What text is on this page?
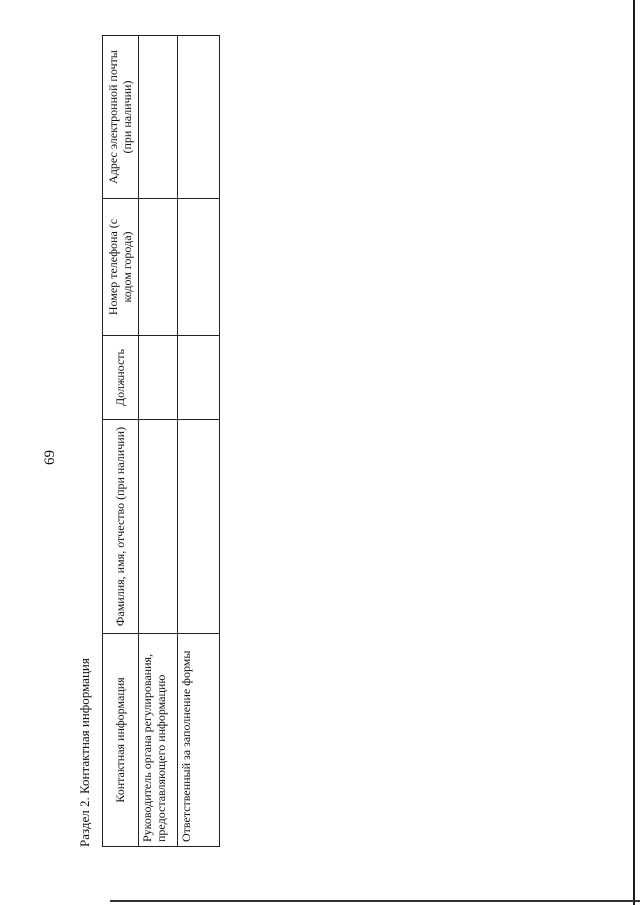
69
Раздел 2. Контактная информация Контактная информация	Фамилия, имя, отчество (при наличии)	Должность	Номер телефона (с кодом города)	Адрес электронной почты (при наличии)
Руководитель органа регулирования, предоставляющего информацию				
Ответственный за заполнение формы				
